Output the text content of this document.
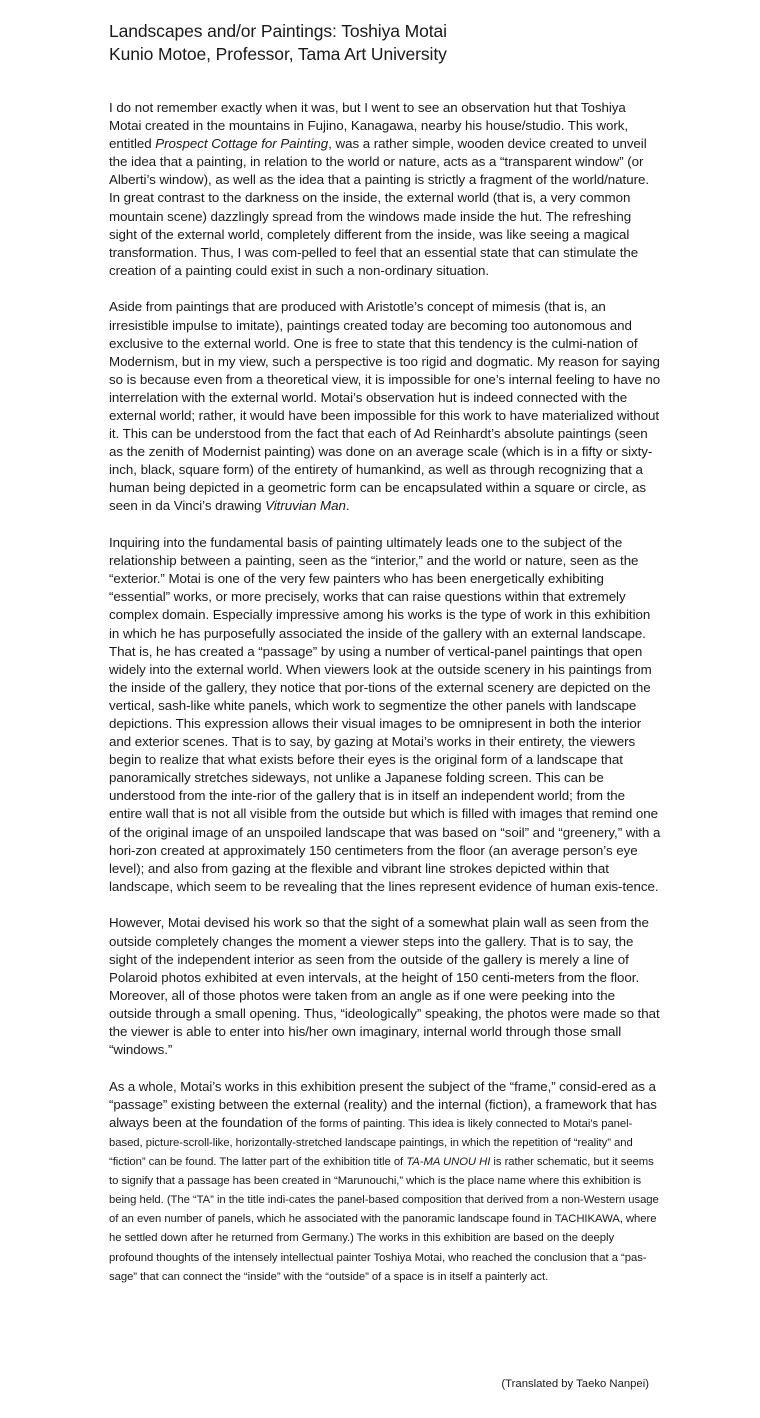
Landscapes and/or Paintings: Toshiya Motai
Kunio Motoe, Professor, Tama Art University

I do not remember exactly when it was, but I went to see an observation hut that Toshiya Motai created in the mountains in Fujino, Kanagawa, nearby his house/studio. This work, entitled Prospect Cottage for Painting, was a rather simple, wooden device created to unveil the idea that a painting, in relation to the world or nature, acts as a “transparent window” (or Alberti’s window), as well as the idea that a painting is strictly a fragment of the world/nature. In great contrast to the darkness on the inside, the external world (that is, a very common mountain scene) dazzlingly spread from the windows made inside the hut. The refreshing sight of the external world, completely different from the inside, was like seeing a magical transformation. Thus, I was com-pelled to feel that an essential state that can stimulate the creation of a painting could exist in such a non-ordinary situation.

Aside from paintings that are produced with Aristotle’s concept of mimesis (that is, an irresistible impulse to imitate), paintings created today are becoming too autonomous and exclusive to the external world. One is free to state that this tendency is the culmi-nation of Modernism, but in my view, such a perspective is too rigid and dogmatic. My reason for saying so is because even from a theoretical view, it is impossible for one’s internal feeling to have no interrelation with the external world. Motai’s observation hut is indeed connected with the external world; rather, it would have been impossible for this work to have materialized without it. This can be understood from the fact that each of Ad Reinhardt’s absolute paintings (seen as the zenith of Modernist painting) was done on an average scale (which is in a fifty or sixty-inch, black, square form) of the entirety of humankind, as well as through recognizing that a human being depicted in a geometric form can be encapsulated within a square or circle, as seen in da Vinci’s drawing Vitruvian Man.

Inquiring into the fundamental basis of painting ultimately leads one to the subject of the relationship between a painting, seen as the “interior,” and the world or nature, seen as the “exterior.” Motai is one of the very few painters who has been energetically exhibiting “essential” works, or more precisely, works that can raise questions within that extremely complex domain. Especially impressive among his works is the type of work in this exhibition in which he has purposefully associated the inside of the gallery with an external landscape. That is, he has created a “passage” by using a number of vertical-panel paintings that open widely into the external world. When viewers look at the outside scenery in his paintings from the inside of the gallery, they notice that por-tions of the external scenery are depicted on the vertical, sash-like white panels, which work to segmentize the other panels with landscape depictions. This expression allows their visual images to be omnipresent in both the interior and exterior scenes. That is to say, by gazing at Motai’s works in their entirety, the viewers begin to realize that what exists before their eyes is the original form of a landscape that panoramically stretches sideways, not unlike a Japanese folding screen. This can be understood from the inte-rior of the gallery that is in itself an independent world; from the entire wall that is not all visible from the outside but which is filled with images that remind one of the original image of an unspoiled landscape that was based on “soil” and “greenery,” with a hori-zon created at approximately 150 centimeters from the floor (an average person’s eye level); and also from gazing at the flexible and vibrant line strokes depicted within that landscape, which seem to be revealing that the lines represent evidence of human exis-tence.

However, Motai devised his work so that the sight of a somewhat plain wall as seen from the outside completely changes the moment a viewer steps into the gallery. That is to say, the sight of the independent interior as seen from the outside of the gallery is merely a line of Polaroid photos exhibited at even intervals, at the height of 150 centi-meters from the floor. Moreover, all of those photos were taken from an angle as if one were peeking into the outside through a small opening. Thus, “ideologically” speaking, the photos were made so that the viewer is able to enter into his/her own imaginary, internal world through those small “windows.”

As a whole, Motai’s works in this exhibition present the subject of the “frame,” consid-ered as a “passage” existing between the external (reality) and the internal (fiction), a framework that has always been at the foundation of the forms of painting. This idea is likely connected to Motai’s panel-based, picture-scroll-like, horizontally-stretched landscape paintings, in which the repetition of “reality” and “fiction” can be found. The latter part of the exhibition title of TA-MA UNOU HI is rather schematic, but it seems to signify that a passage has been created in “Marunouchi,” which is the place name where this exhibition is being held. (The “TA” in the title indi-cates the panel-based composition that derived from a non-Western usage of an even number of panels, which he associated with the panoramic landscape found in TACHIKAWA, where he settled down after he returned from Germany.) The works in this exhibition are based on the deeply profound thoughts of the intensely intellectual painter Toshiya Motai, who reached the conclusion that a “pas-sage” that can connect the “inside” with the “outside” of a space is in itself a painterly act.

(Translated by Taeko Nanpei)
